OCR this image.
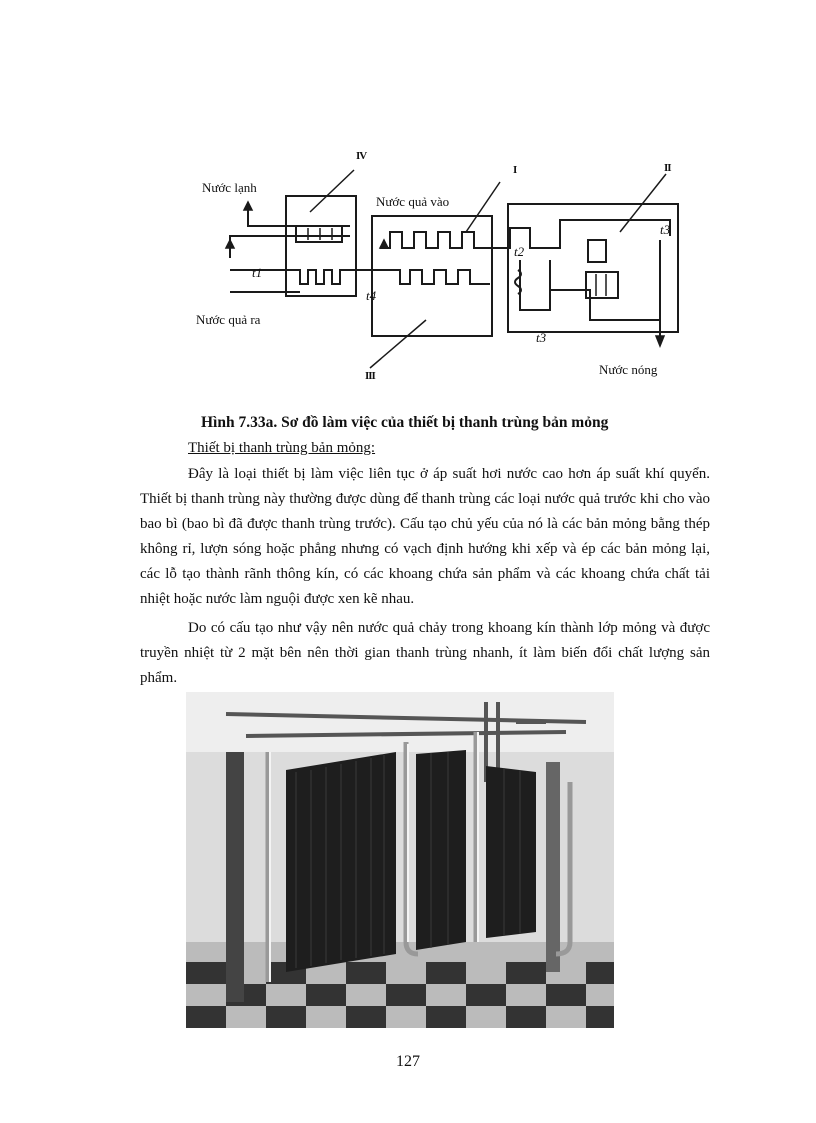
Nước lạnh
Nước quả vào
Nước quả ra
Nước nóng
IV
I	II
III
t1
t2
t3
t4
t3
Hình 7.33a. Sơ đồ làm việc của thiết bị thanh trùng bản mỏng
Thiết bị thanh trùng bản mỏng:

Đây là loại thiết bị làm việc liên tục ở áp suất hơi nước cao hơn áp suất khí quyển. Thiết bị thanh trùng này thường được dùng để thanh trùng các loại nước quả trước khi cho vào bao bì (bao bì đã được thanh trùng trước). Cấu tạo chủ yếu của nó là các bản mỏng bằng thép không rỉ, lượn sóng hoặc phẳng nhưng có vạch định hướng khi xếp và ép các bản mỏng lại, các lỗ tạo thành rãnh thông kín, có các khoang chứa sản phẩm và các khoang chứa chất tải nhiệt hoặc nước làm nguội được xen kẽ nhau.

Do có cấu tạo như vậy nên nước quả chảy trong khoang kín thành lớp mỏng và được truyền nhiệt từ 2 mặt bên nên thời gian thanh trùng nhanh, ít làm biến đổi chất lượng sản phẩm.

127
